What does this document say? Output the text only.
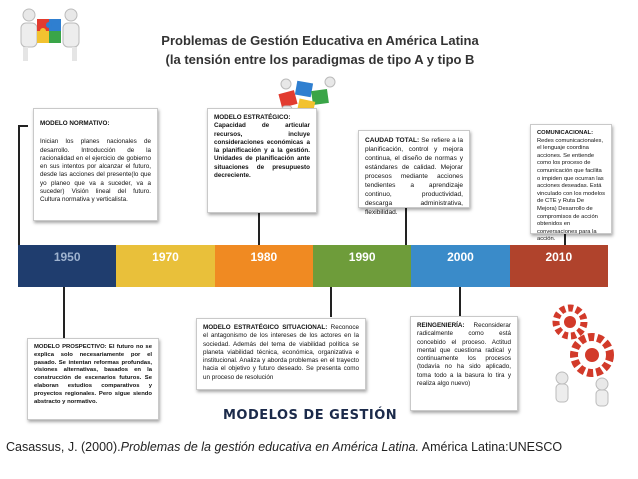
Problemas de Gestión Educativa en América Latina
(la tensión entre los paradigmas de tipo A y tipo B
MODELO NORMATIVO:
Inician los planes nacionales de desarrollo. Introducción de la racionalidad en el ejercicio de gobierno en sus intentos por alcanzar el futuro, desde las acciones del presente(lo que yo planeo que va a suceder, va a suceder) Visión lineal del futuro. Cultura normativa y verticalista.
MODELO ESTRATÉGICO:
Capacidad de articular recursos, incluye consideraciones económicas a la planificación y a la gestión. Unidades de planificación ante situaciones de presupuesto decreciente.
CAUDAD TOTAL: Se refiere a la planificación, control y mejora continua, el diseño de normas y estándares de calidad. Mejorar procesos mediante acciones tendientes a aprendizaje continuo, productividad, descarga administrativa, flexibilidad.
COMUNICACIONAL: Redes comunicacionales, el lenguaje coordina acciones. Se entiende como los proceso de comunicación que facilita o impiden que ocurran las acciones deseadas. Está vinculado con los modelos de CTE y Ruta De Mejora) Desarrollo de compromisos de acción obtenidos en conversaciones para la acción.
1950	1970	1980	1990	2000	2010
MODELO PROSPECTIVO: El futuro no se explica solo necesariamente por el pasado. Se intentan reformas profundas, visiones alternativas, basados en la construcción de escenarios futuros. Se elaboran estudios comparativos y proyectos regionales. Pero sigue siendo abstracto y normativo.
MODELO ESTRATÉGICO SITUACIONAL: Reconoce el antagonismo de los intereses de los actores en la sociedad. Además del tema de viabilidad política se planeta viabilidad técnica, económica, organizativa e institucional. Analiza y aborda problemas en el trayecto hacia el objetivo y futuro deseado. Se presenta como un proceso de resolución
REINGENIERÍA: Reconsiderar radicalmente como está concebido el proceso. Actitud mental que cuestiona radical y continuamente los procesos (todavía no ha sido aplicado, toma todo a la basura lo tira y realiza algo nuevo)
MODELOS DE GESTIÓN
Casassus, J. (2000).Problemas de la gestión educativa en América Latina. América Latina:UNESCO
